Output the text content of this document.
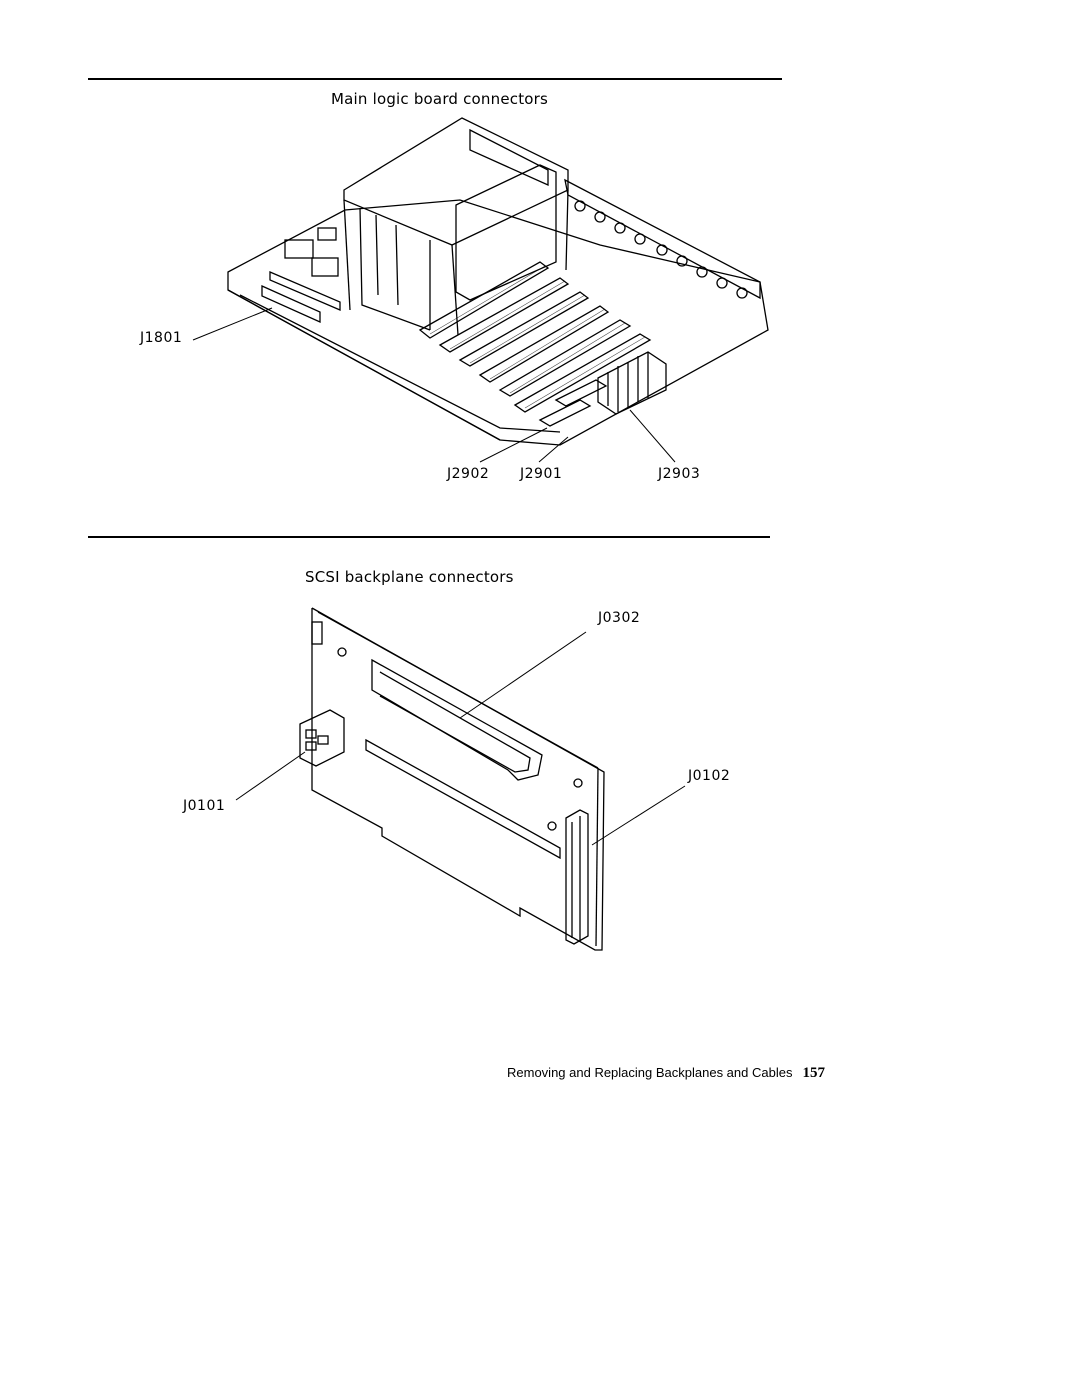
Main logic board connectors
J1801
J2902 J2901	J2903
SCSI backplane connectors
J0302
J0102
J0101
Removing and Replacing Backplanes and Cables 157
